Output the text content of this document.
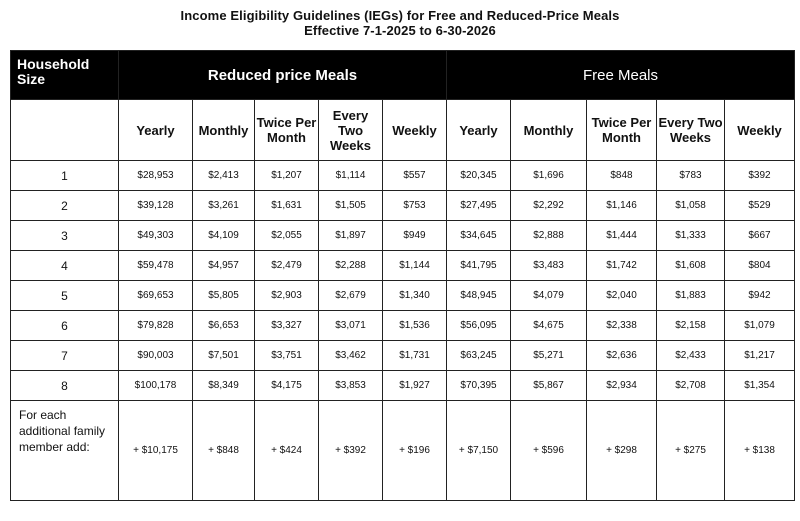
Income Eligibility Guidelines (IEGs) for Free and Reduced-Price Meals
Effective 7-1-2025 to 6-30-2026
Household Size	Reduced price Meals					Free Meals				
	Yearly	Monthly	Twice Per Month	Every Two Weeks	Weekly	Yearly	Monthly	Twice Per Month	Every Two Weeks	Weekly
1	$28,953	$2,413	$1,207	$1,114	$557	$20,345	$1,696	$848	$783	$392
2	$39,128	$3,261	$1,631	$1,505	$753	$27,495	$2,292	$1,146	$1,058	$529
3	$49,303	$4,109	$2,055	$1,897	$949	$34,645	$2,888	$1,444	$1,333	$667
4	$59,478	$4,957	$2,479	$2,288	$1,144	$41,795	$3,483	$1,742	$1,608	$804
5	$69,653	$5,805	$2,903	$2,679	$1,340	$48,945	$4,079	$2,040	$1,883	$942
6	$79,828	$6,653	$3,327	$3,071	$1,536	$56,095	$4,675	$2,338	$2,158	$1,079
7	$90,003	$7,501	$3,751	$3,462	$1,731	$63,245	$5,271	$2,636	$2,433	$1,217
8	$100,178	$8,349	$4,175	$3,853	$1,927	$70,395	$5,867	$2,934	$2,708	$1,354

For each additional family member add:	+ $10,175	+ $848	+ $424	+ $392	+ $196	+ $7,150	+ $596	+ $298	+ $275	+ $138
